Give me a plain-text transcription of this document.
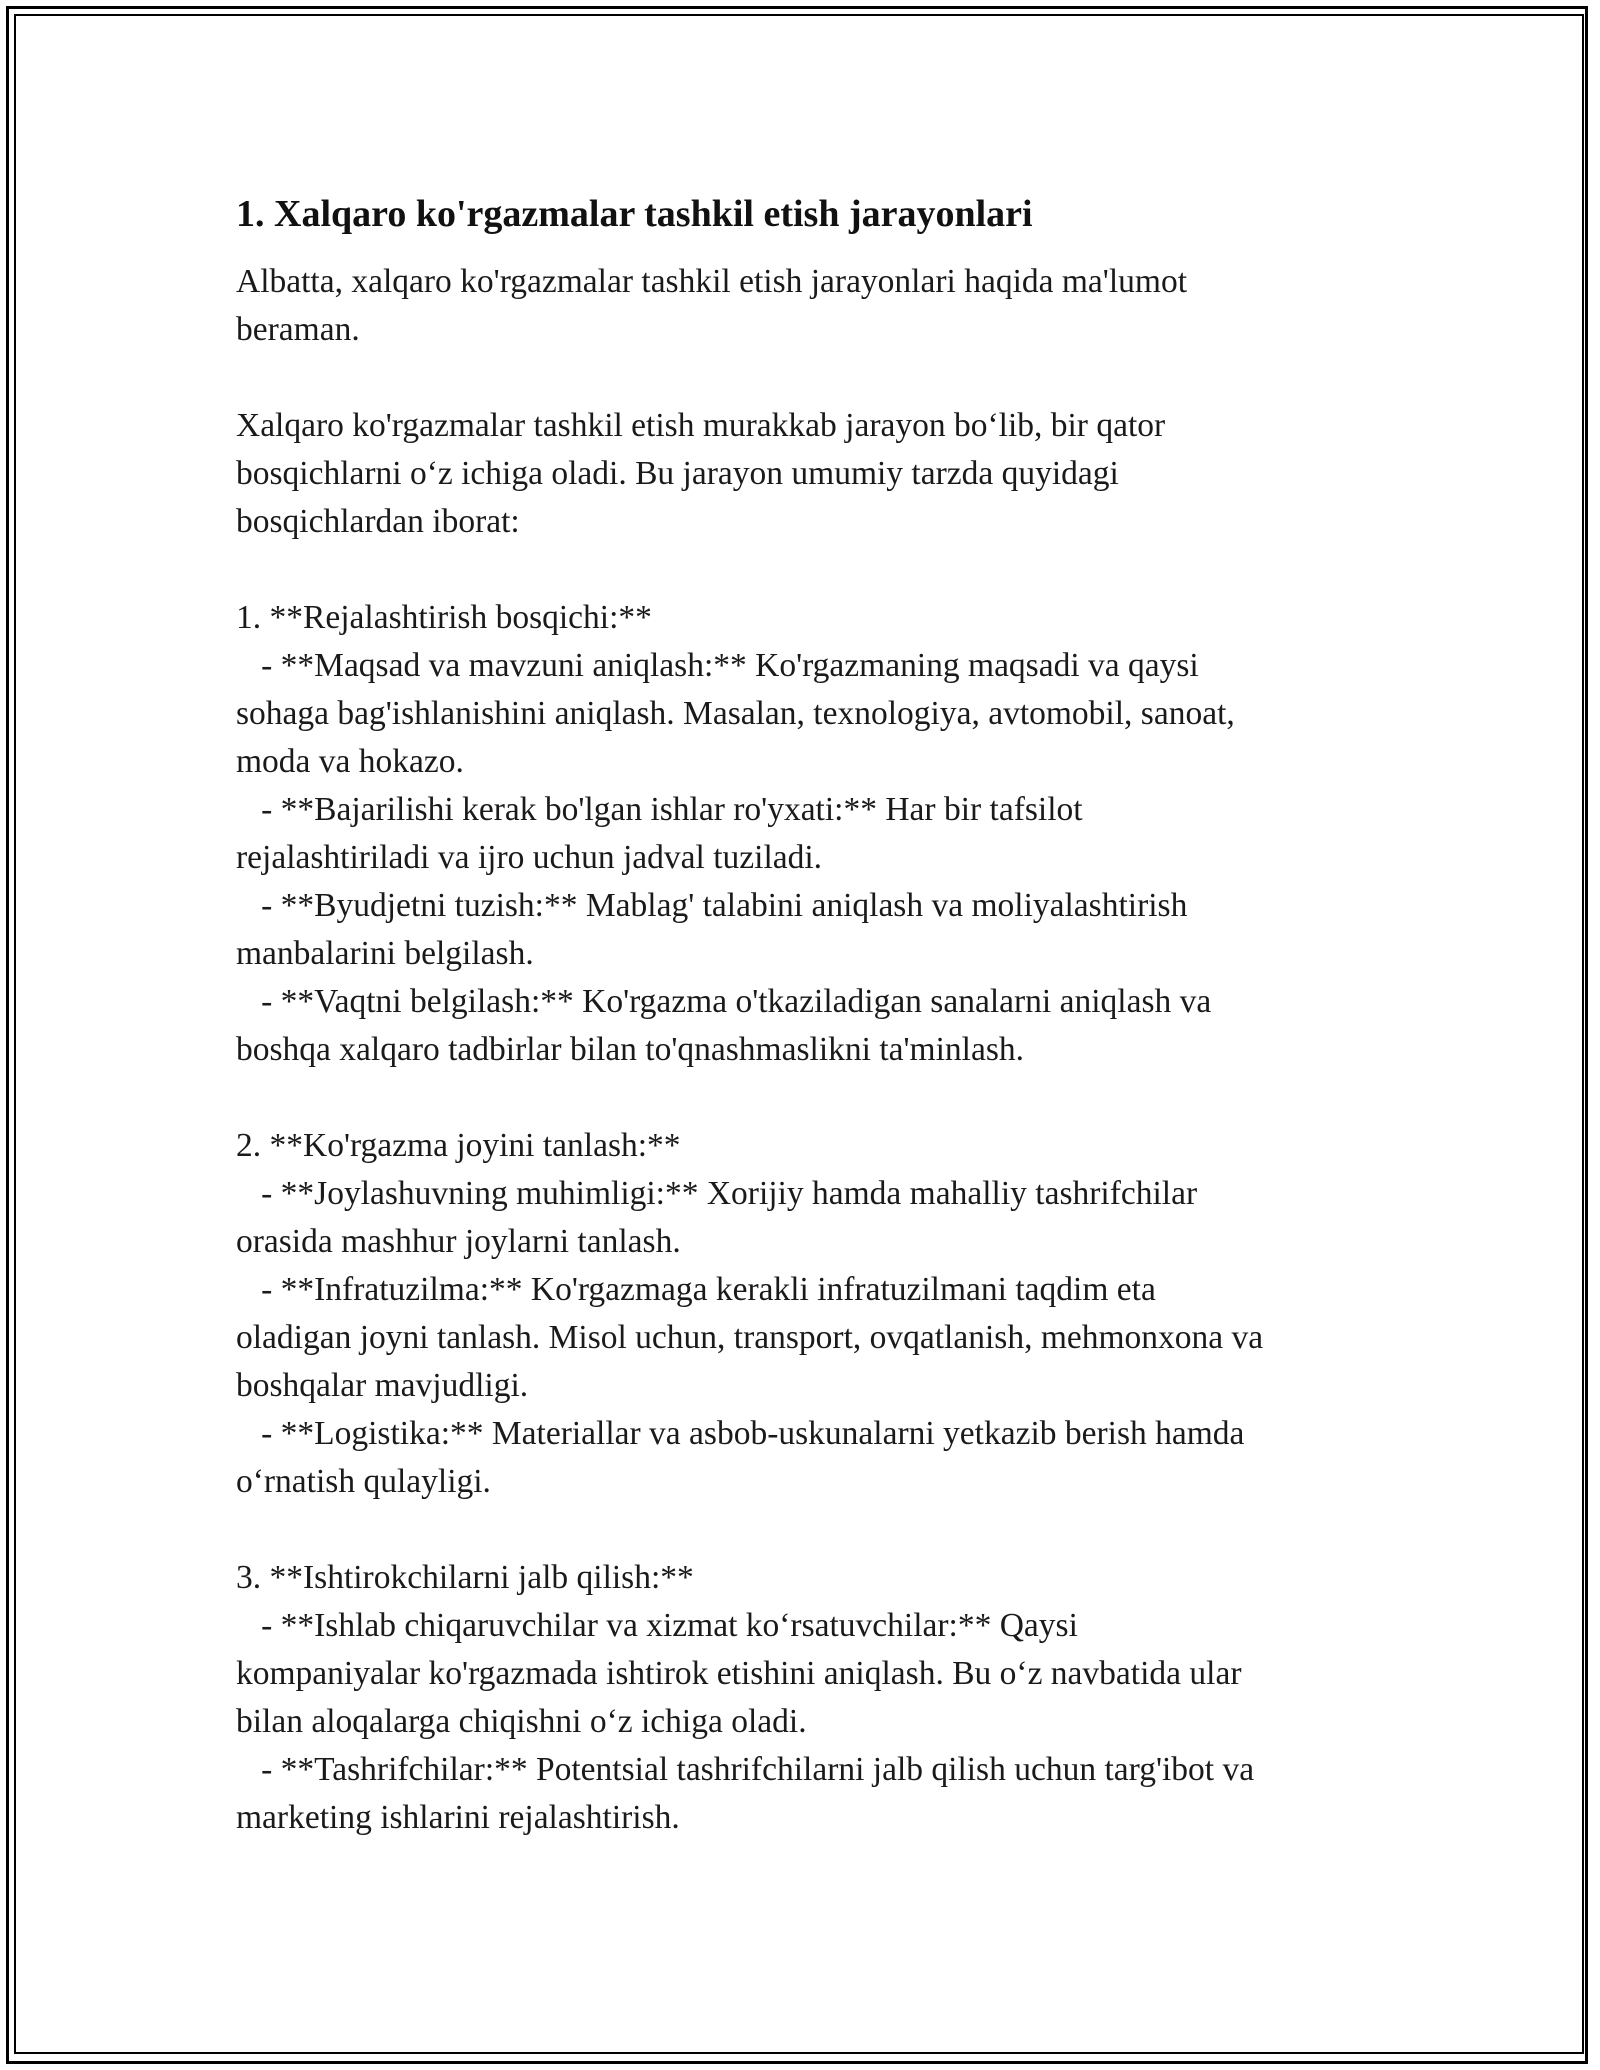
1. Xalqaro ko'rgazmalar tashkil etish jarayonlari

Albatta, xalqaro ko'rgazmalar tashkil etish jarayonlari haqida ma'lumot
beraman.

Xalqaro ko'rgazmalar tashkil etish murakkab jarayon bo‘lib, bir qator
bosqichlarni o‘z ichiga oladi. Bu jarayon umumiy tarzda quyidagi
bosqichlardan iborat:

1. **Rejalashtirish bosqichi:**
- **Maqsad va mavzuni aniqlash:** Ko'rgazmaning maqsadi va qaysi
sohaga bag'ishlanishini aniqlash. Masalan, texnologiya, avtomobil, sanoat,
moda va hokazo.
- **Bajarilishi kerak bo'lgan ishlar ro'yxati:** Har bir tafsilot
rejalashtiriladi va ijro uchun jadval tuziladi.
- **Byudjetni tuzish:** Mablag' talabini aniqlash va moliyalashtirish
manbalarini belgilash.
- **Vaqtni belgilash:** Ko'rgazma o'tkaziladigan sanalarni aniqlash va
boshqa xalqaro tadbirlar bilan to'qnashmaslikni ta'minlash.

2. **Ko'rgazma joyini tanlash:**
- **Joylashuvning muhimligi:** Xorijiy hamda mahalliy tashrifchilar
orasida mashhur joylarni tanlash.
- **Infratuzilma:** Ko'rgazmaga kerakli infratuzilmani taqdim eta
oladigan joyni tanlash. Misol uchun, transport, ovqatlanish, mehmonxona va
boshqalar mavjudligi.
- **Logistika:** Materiallar va asbob-uskunalarni yetkazib berish hamda
o‘rnatish qulayligi.

3. **Ishtirokchilarni jalb qilish:**
- **Ishlab chiqaruvchilar va xizmat ko‘rsatuvchilar:** Qaysi
kompaniyalar ko'rgazmada ishtirok etishini aniqlash. Bu o‘z navbatida ular
bilan aloqalarga chiqishni o‘z ichiga oladi.
- **Tashrifchilar:** Potentsial tashrifchilarni jalb qilish uchun targ'ibot va
marketing ishlarini rejalashtirish.
